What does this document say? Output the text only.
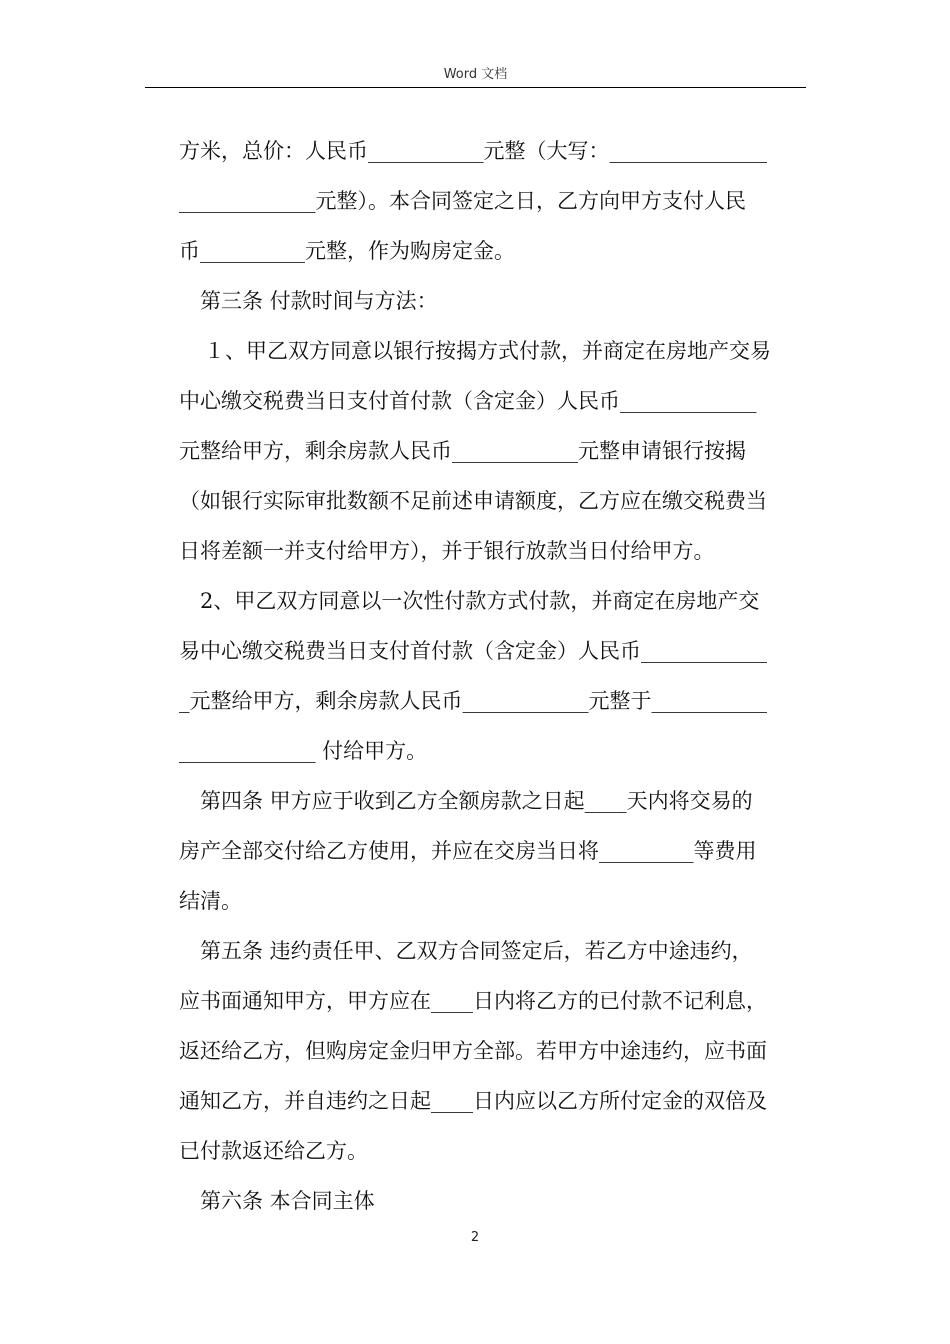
Word 文档
方米，总价：人民币___________元整（大写：_______________
_____________元整）。本合同签定之日，乙方向甲方支付人民
币__________元整，作为购房定金。
第三条 付款时间与方法：
１、甲乙双方同意以银行按揭方式付款，并商定在房地产交易
中心缴交税费当日支付首付款（含定金）人民币_____________
元整给甲方，剩余房款人民币____________元整申请银行按揭
（如银行实际审批数额不足前述申请额度，乙方应在缴交税费当
日将差额一并支付给甲方），并于银行放款当日付给甲方。
2、甲乙双方同意以一次性付款方式付款，并商定在房地产交
易中心缴交税费当日支付首付款（含定金）人民币____________
_元整给甲方，剩余房款人民币____________元整于___________
_____________ 付给甲方。
第四条 甲方应于收到乙方全额房款之日起____天内将交易的
房产全部交付给乙方使用，并应在交房当日将_________等费用
结清。
第五条 违约责任甲、乙双方合同签定后，若乙方中途违约，
应书面通知甲方，甲方应在____日内将乙方的已付款不记利息，
返还给乙方，但购房定金归甲方全部。若甲方中途违约，应书面
通知乙方，并自违约之日起____日内应以乙方所付定金的双倍及
已付款返还给乙方。
第六条 本合同主体
2
